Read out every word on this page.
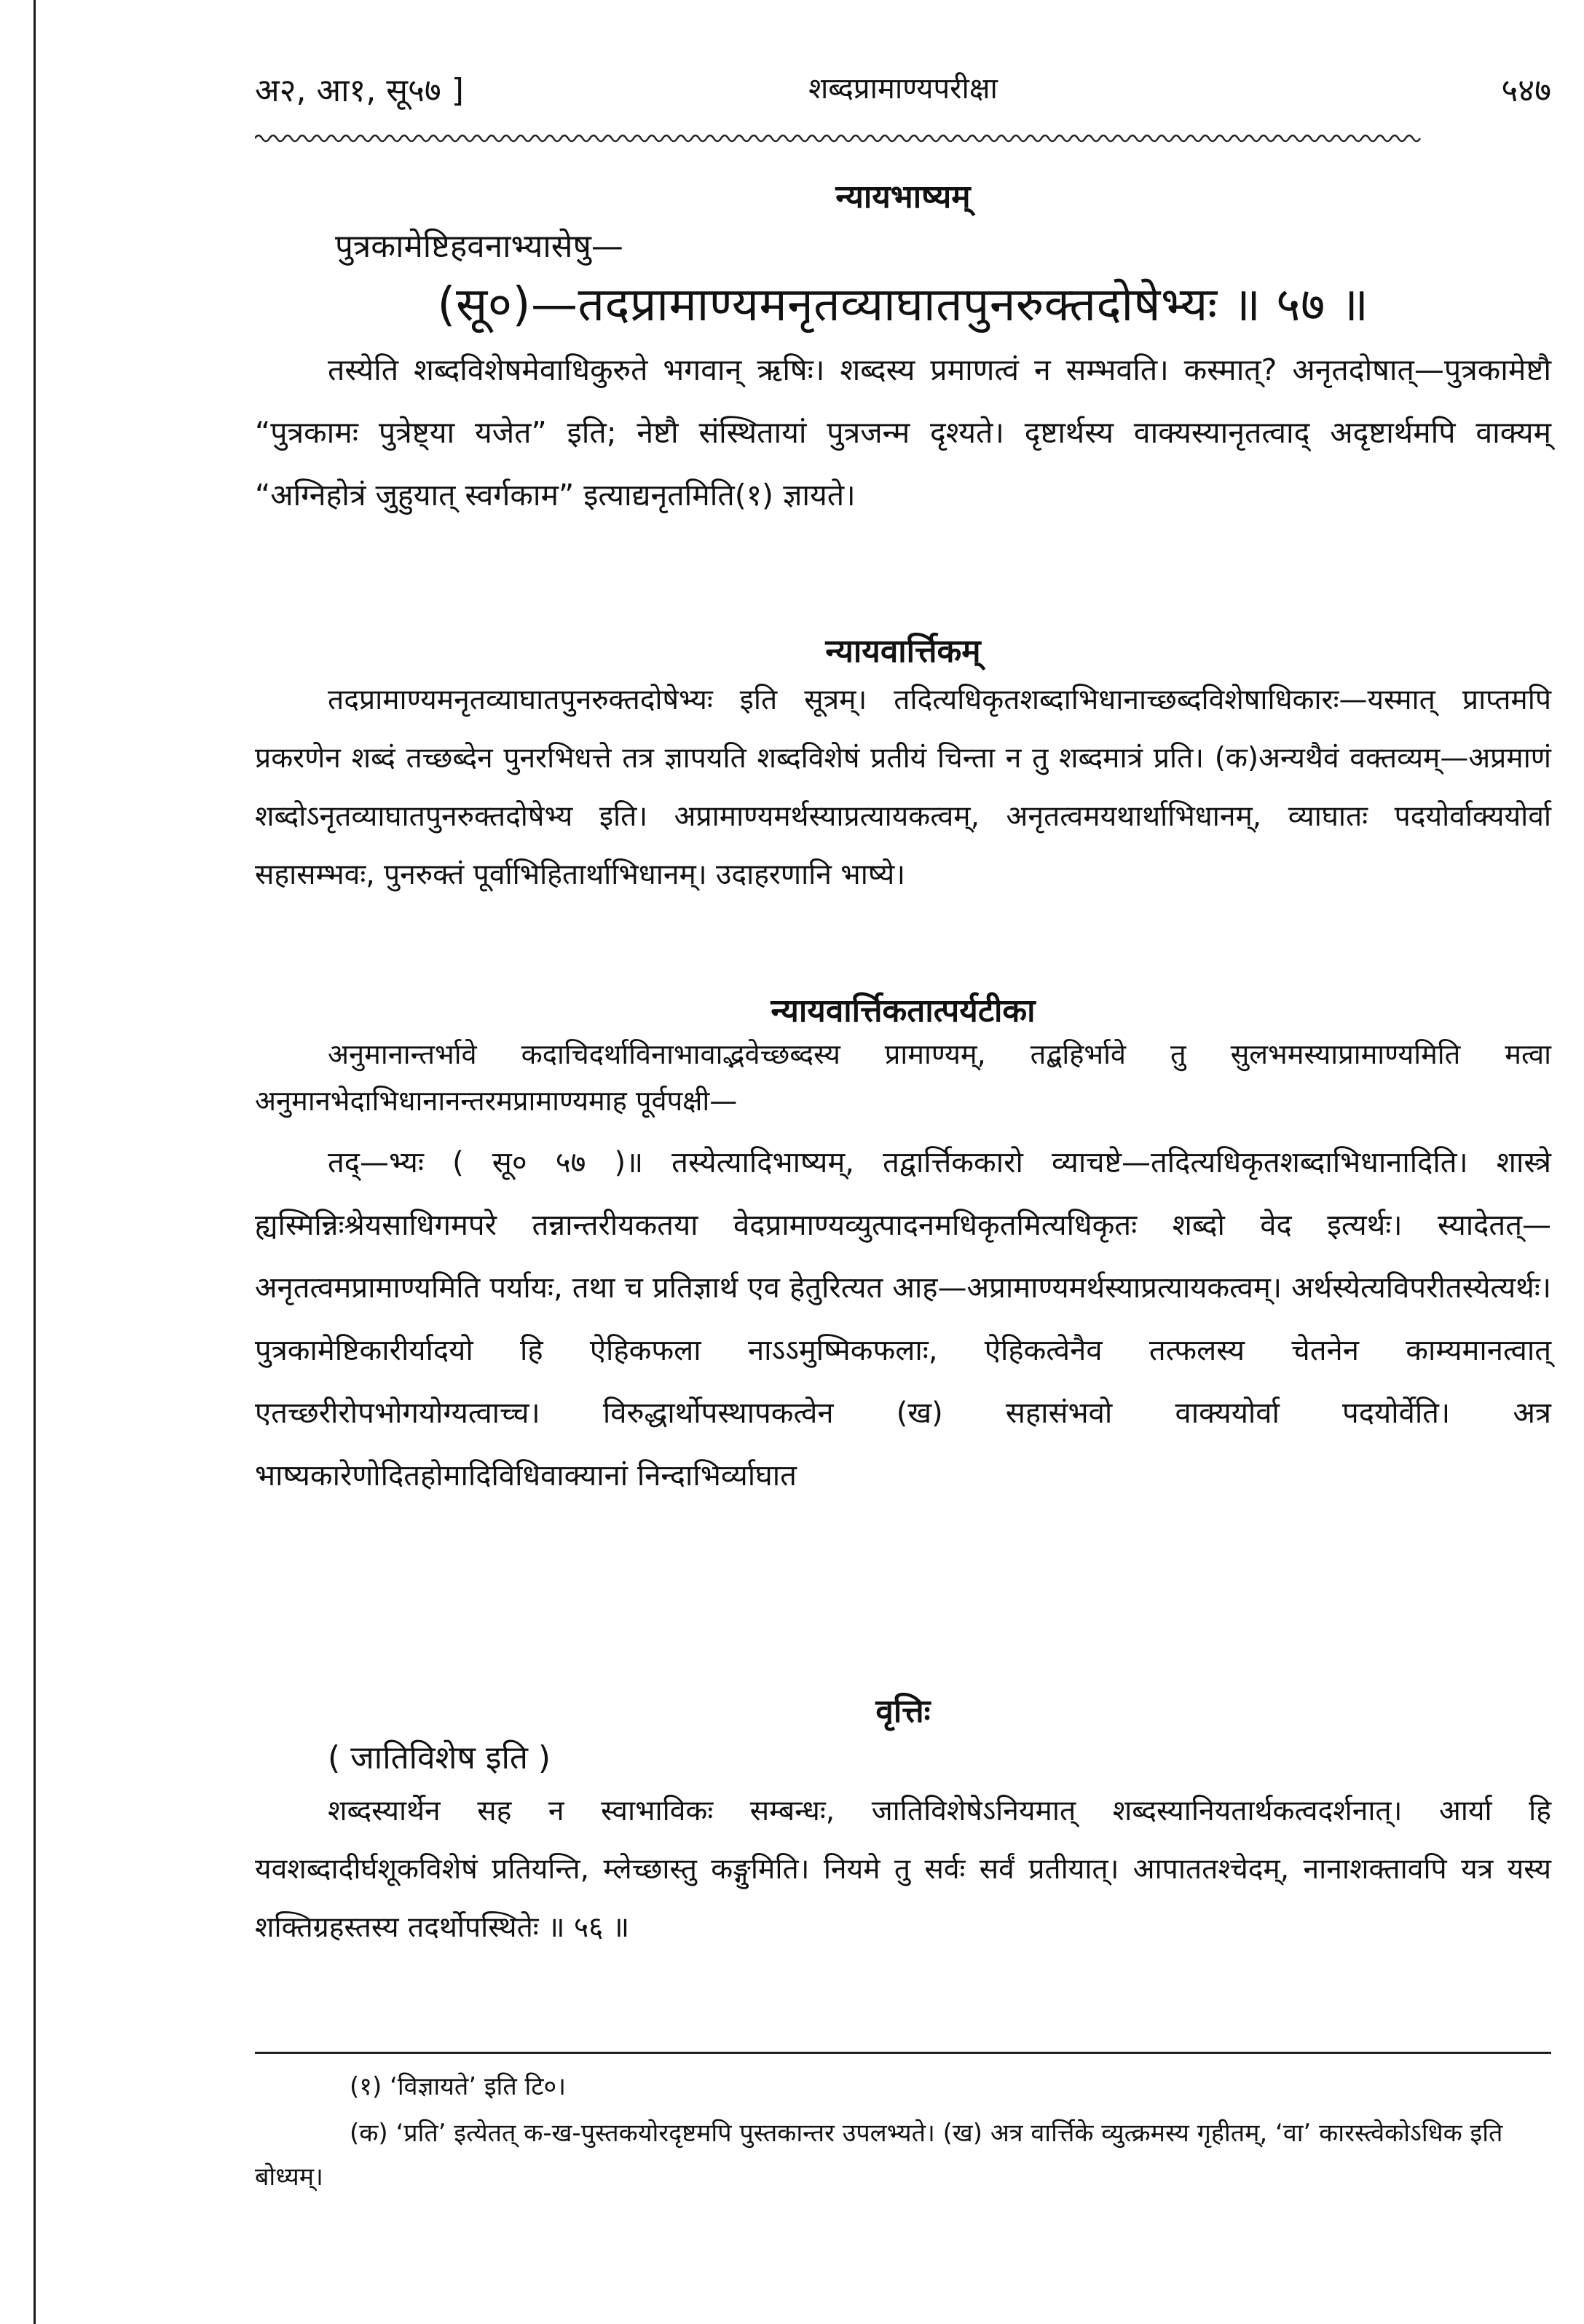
अ२, आ१, सू५७ ]	शब्दप्रामाण्यपरीक्षा	५४७
न्यायभाष्यम्
पुत्रकामेष्टिहवनाभ्यासेषु—
(सू०)—तदप्रामाण्यमनृतव्याघातपुनरुक्तदोषेभ्यः ॥ ५७ ॥
तस्येति शब्दविशेषमेवाधिकुरुते भगवान् ऋषिः। शब्दस्य प्रमाणत्वं न सम्भवति। कस्मात्? अनृतदोषात्—पुत्रकामेष्टौ “पुत्रकामः पुत्रेष्ट्या यजेत” इति; नेष्टौ संस्थितायां पुत्रजन्म दृश्यते। दृष्टार्थस्य वाक्यस्यानृतत्वाद् अदृष्टार्थमपि वाक्यम् “अग्निहोत्रं जुहुयात् स्वर्गकाम” इत्याद्यनृतमिति(१) ज्ञायते।
न्यायवार्त्तिकम्
तदप्रामाण्यमनृतव्याघातपुनरुक्तदोषेभ्यः इति सूत्रम्। तदित्यधिकृतशब्दाभिधानाच्छब्दविशेषाधिकारः—यस्मात् प्राप्तमपि प्रकरणेन शब्दं तच्छब्देन पुनरभिधत्ते तत्र ज्ञापयति शब्दविशेषं प्रतीयं चिन्ता न तु शब्दमात्रं प्रति। (क)अन्यथैवं वक्तव्यम्—अप्रमाणं शब्दोऽनृतव्याघातपुनरुक्तदोषेभ्य इति। अप्रामाण्यमर्थस्याप्रत्यायकत्वम्, अनृतत्वमयथार्थाभिधानम्, व्याघातः पदयोर्वाक्ययोर्वा सहासम्भवः, पुनरुक्तं पूर्वाभिहितार्थाभिधानम्। उदाहरणानि भाष्ये।
न्यायवार्त्तिकतात्पर्यटीका
अनुमानान्तर्भावे कदाचिदर्थाविनाभावाद्भवेच्छब्दस्य प्रामाण्यम्, तद्बहिर्भावे तु सुलभमस्याप्रामाण्यमिति मत्वा अनुमानभेदाभिधानानन्तरमप्रामाण्यमाह पूर्वपक्षी—
तद्—भ्यः ( सू० ५७ )॥ तस्येत्यादिभाष्यम्, तद्वार्त्तिककारो व्याचष्टे—तदित्यधिकृतशब्दाभिधानादिति। शास्त्रे ह्यस्मिन्निःश्रेयसाधिगमपरे तन्नान्तरीयकतया वेदप्रामाण्यव्युत्पादनमधिकृतमित्यधिकृतः शब्दो वेद इत्यर्थः। स्यादेतत्—अनृतत्वमप्रामाण्यमिति पर्यायः, तथा च प्रतिज्ञार्थ एव हेतुरित्यत आह—अप्रामाण्यमर्थस्याप्रत्यायकत्वम्। अर्थस्येत्यविपरीतस्येत्यर्थः। पुत्रकामेष्टिकारीर्यादयो हि ऐहिकफला नाऽऽमुष्मिकफलाः, ऐहिकत्वेनैव तत्फलस्य चेतनेन काम्यमानत्वात् एतच्छरीरोपभोगयोग्यत्वाच्च। विरुद्धार्थोपस्थापकत्वेन (ख) सहासंभवो वाक्ययोर्वा पदयोर्वेति। अत्र भाष्यकारेणोदितहोमादिविधिवाक्यानां निन्दाभिर्व्याघात
वृत्तिः
( जातिविशेष इति )
शब्दस्यार्थेन सह न स्वाभाविकः सम्बन्धः, जातिविशेषेऽनियमात् शब्दस्यानियतार्थकत्वदर्शनात्। आर्या हि यवशब्दादीर्घशूकविशेषं प्रतियन्ति, म्लेच्छास्तु कङ्गुमिति। नियमे तु सर्वः सर्वं प्रतीयात्। आपाततश्चेदम्, नानाशक्तावपि यत्र यस्य शक्तिग्रहस्तस्य तदर्थोपस्थितेः ॥ ५६ ॥
(१) ‘विज्ञायते’ इति टि०।
(क) ‘प्रति’ इत्येतत् क-ख-पुस्तकयोरदृष्टमपि पुस्तकान्तर उपलभ्यते। (ख) अत्र वार्त्तिके व्युत्क्रमस्य गृहीतम्, ‘वा’ कारस्त्वेकोऽधिक इति बोध्यम्।
